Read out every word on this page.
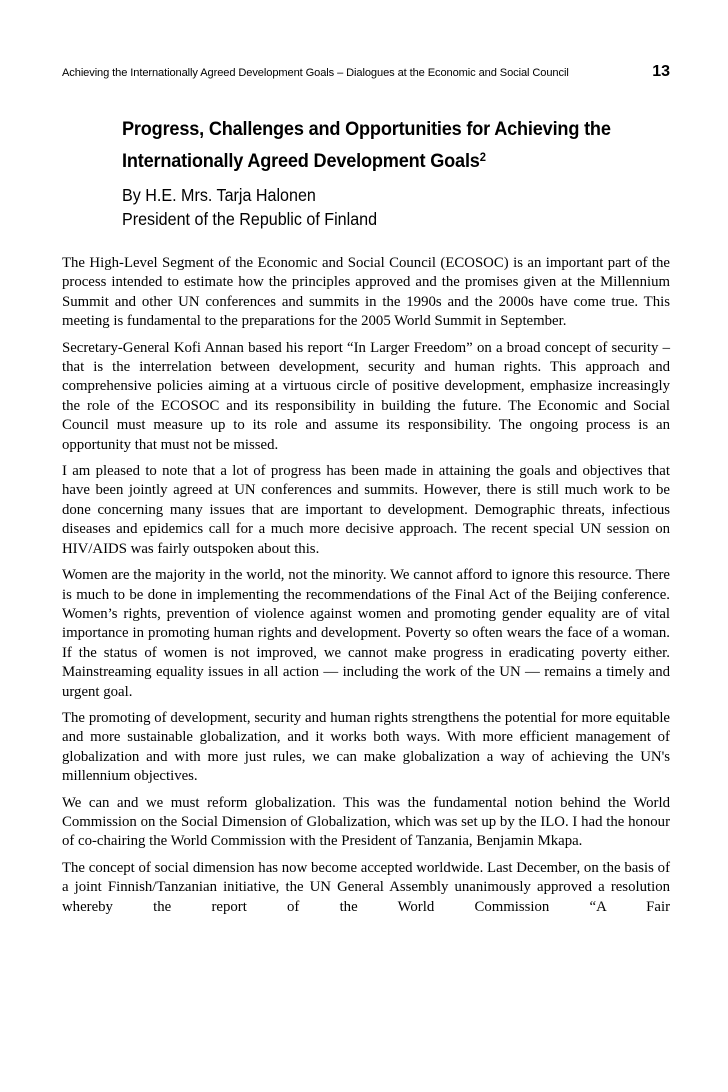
Achieving the Internationally Agreed Development Goals – Dialogues at the Economic and Social Council	13
Progress, Challenges and Opportunities for Achieving the
Internationally Agreed Development Goals$^2$
By H.E. Mrs. Tarja Halonen
President of the Republic of Finland

The High-Level Segment of the Economic and Social Council (ECOSOC) is an important part of the process intended to estimate how the principles approved and the promises given at the Millennium Summit and other UN conferences and summits in the 1990s and the 2000s have come true. This meeting is fundamental to the preparations for the 2005 World Summit in September.

Secretary-General Kofi Annan based his report “In Larger Freedom” on a broad concept of security – that is the interrelation between development, security and human rights. This approach and comprehensive policies aiming at a virtuous circle of positive development, emphasize increasingly the role of the ECOSOC and its responsibility in building the future. The Economic and Social Council must measure up to its role and assume its responsibility. The ongoing process is an opportunity that must not be missed.

I am pleased to note that a lot of progress has been made in attaining the goals and objectives that have been jointly agreed at UN conferences and summits. However, there is still much work to be done concerning many issues that are important to development. Demographic threats, infectious diseases and epidemics call for a much more decisive approach. The recent special UN session on HIV/AIDS was fairly outspoken about this.

Women are the majority in the world, not the minority. We cannot afford to ignore this resource. There is much to be done in implementing the recommendations of the Final Act of the Beijing conference. Women’s rights, prevention of violence against women and promoting gender equality are of vital importance in promoting human rights and development. Poverty so often wears the face of a woman. If the status of women is not improved, we cannot make progress in eradicating poverty either. Mainstreaming equality issues in all action — including the work of the UN — remains a timely and urgent goal.

The promoting of development, security and human rights strengthens the potential for more equitable and more sustainable globalization, and it works both ways. With more efficient management of globalization and with more just rules, we can make globalization a way of achieving the UN's millennium objectives.

We can and we must reform globalization. This was the fundamental notion behind the World Commission on the Social Dimension of Globalization, which was set up by the ILO. I had the honour of co-chairing the World Commission with the President of Tanzania, Benjamin Mkapa.

The concept of social dimension has now become accepted worldwide. Last December, on the basis of a joint Finnish/Tanzanian initiative, the UN General Assembly unanimously approved a resolution whereby the report of the World Commission “A Fair
